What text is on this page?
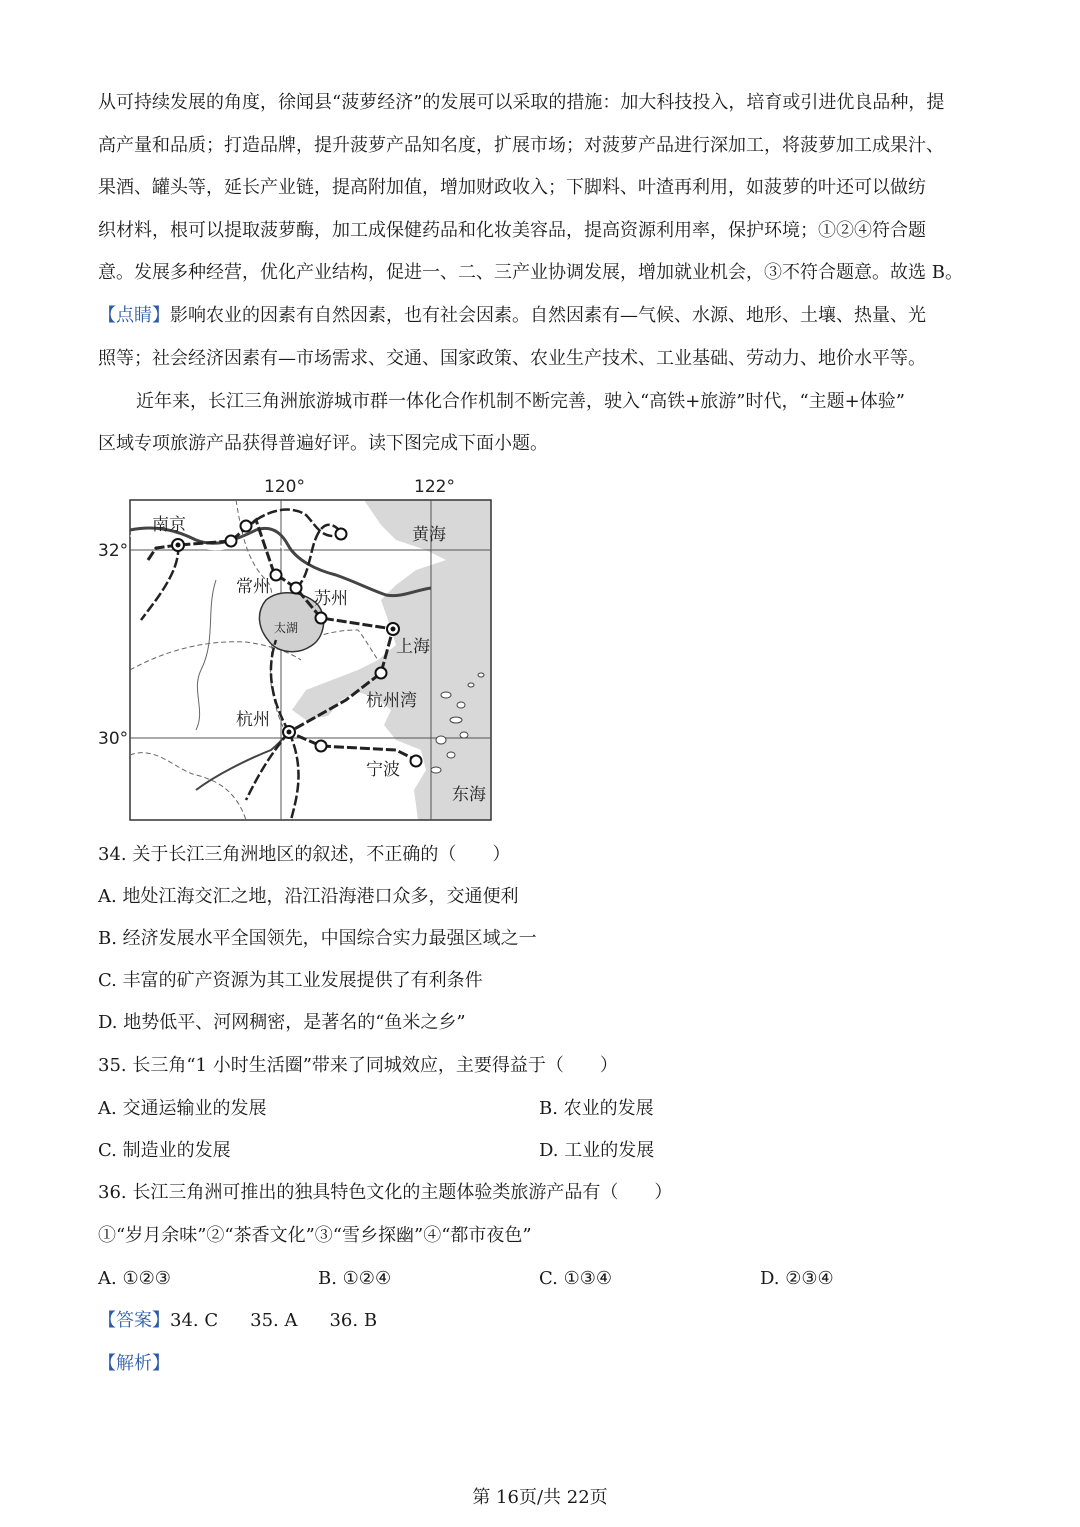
从可持续发展的角度，徐闻县“菠萝经济”的发展可以采取的措施：加大科技投入，培育或引进优良品种，提
高产量和品质；打造品牌，提升菠萝产品知名度，扩展市场；对菠萝产品进行深加工，将菠萝加工成果汁、
果酒、罐头等，延长产业链，提高附加值，增加财政收入；下脚料、叶渣再利用，如菠萝的叶还可以做纺
织材料，根可以提取菠萝酶，加工成保健药品和化妆美容品，提高资源利用率，保护环境；①②④符合题
意。发展多种经营，优化产业结构，促进一、二、三产业协调发展，增加就业机会，③不符合题意。故选 B。
【点睛】影响农业的因素有自然因素，也有社会因素。自然因素有—气候、水源、地形、土壤、热量、光
照等；社会经济因素有—市场需求、交通、国家政策、农业生产技术、工业基础、劳动力、地价水平等。
近年来，长江三角洲旅游城市群一体化合作机制不断完善，驶入“高铁+旅游”时代，“主题+体验”
区域专项旅游产品获得普遍好评。读下图完成下面小题。
120°	122°
32°
30°
南京
常州
苏州
太湖
上海
杭州
杭州湾
宁波
黄海
东海
34. 关于长江三角洲地区的叙述，不正确的（　　）
A. 地处江海交汇之地，沿江沿海港口众多，交通便利
B. 经济发展水平全国领先，中国综合实力最强区域之一
C. 丰富的矿产资源为其工业发展提供了有利条件
D. 地势低平、河网稠密，是著名的“鱼米之乡”
35. 长三角“1 小时生活圈”带来了同城效应，主要得益于（　　）
A. 交通运输业的发展	B. 农业的发展
C. 制造业的发展	D. 工业的发展
36. 长江三角洲可推出的独具特色文化的主题体验类旅游产品有（　　）
①“岁月余味”②“茶香文化”③“雪乡探幽”④“都市夜色”
A. ①②③	B. ①②④	C. ①③④	D. ②③④
【答案】34. C 35. A 36. B
【解析】
第 16页/共 22页
